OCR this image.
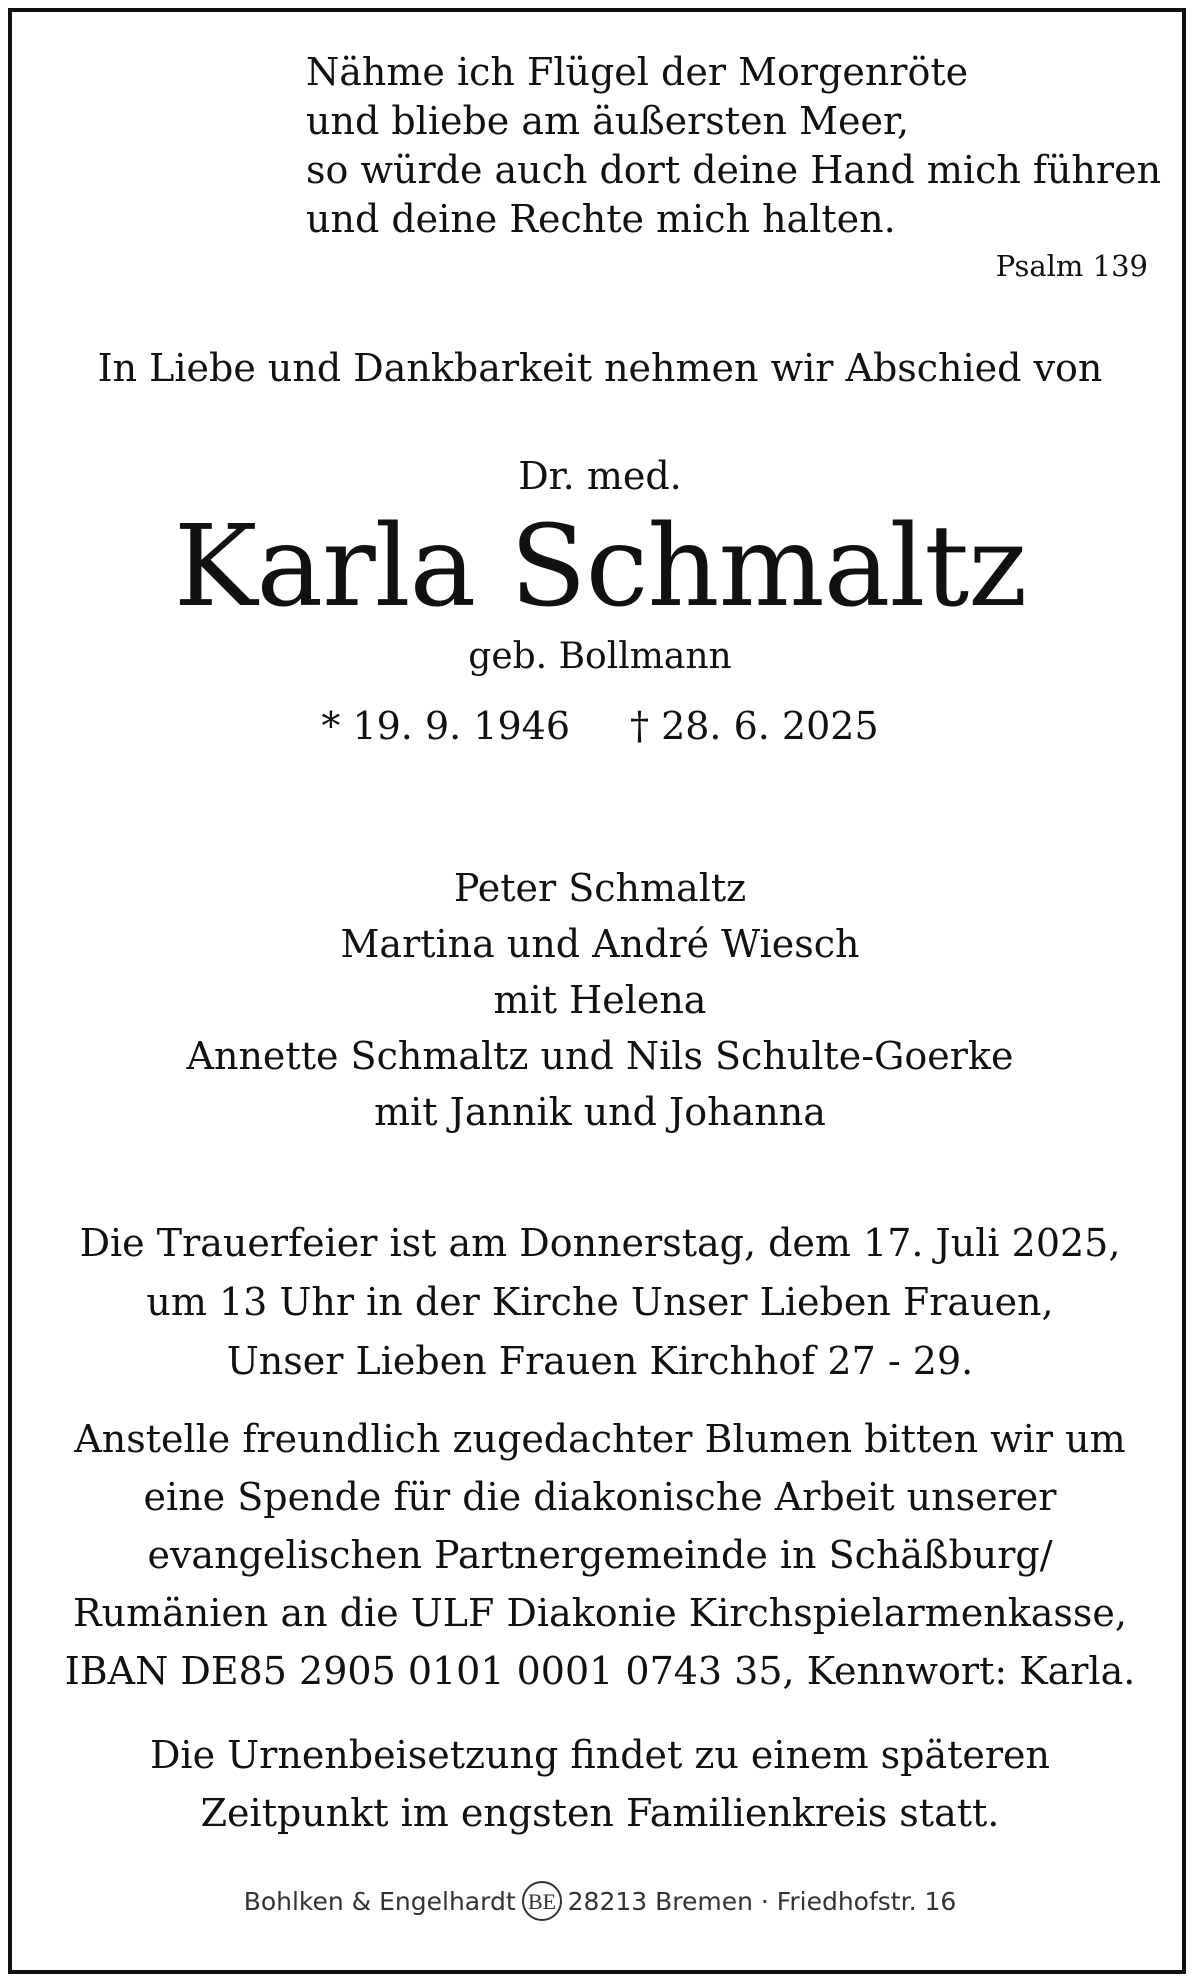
Nähme ich Flügel der Morgenröte
und bliebe am äußersten Meer,
so würde auch dort deine Hand mich führen
und deine Rechte mich halten.
Psalm 139
In Liebe und Dankbarkeit nehmen wir Abschied von
Dr. med.
Karla Schmaltz
geb. Bollmann
* 19. 9. 1946 † 28. 6. 2025
Peter Schmaltz
Martina und André Wiesch
mit Helena
Annette Schmaltz und Nils Schulte-Goerke
mit Jannik und Johanna
Die Trauerfeier ist am Donnerstag, dem 17. Juli 2025,
um 13 Uhr in der Kirche Unser Lieben Frauen,
Unser Lieben Frauen Kirchhof 27 - 29.
Anstelle freundlich zugedachter Blumen bitten wir um
eine Spende für die diakonische Arbeit unserer
evangelischen Partnergemeinde in Schäßburg/
Rumänien an die ULF Diakonie Kirchspielarmenkasse,
IBAN DE85 2905 0101 0001 0743 35, Kennwort: Karla.
Die Urnenbeisetzung findet zu einem späteren
Zeitpunkt im engsten Familienkreis statt.
Bohlken & Engelhardt BE 28213 Bremen · Friedhofstr. 16
